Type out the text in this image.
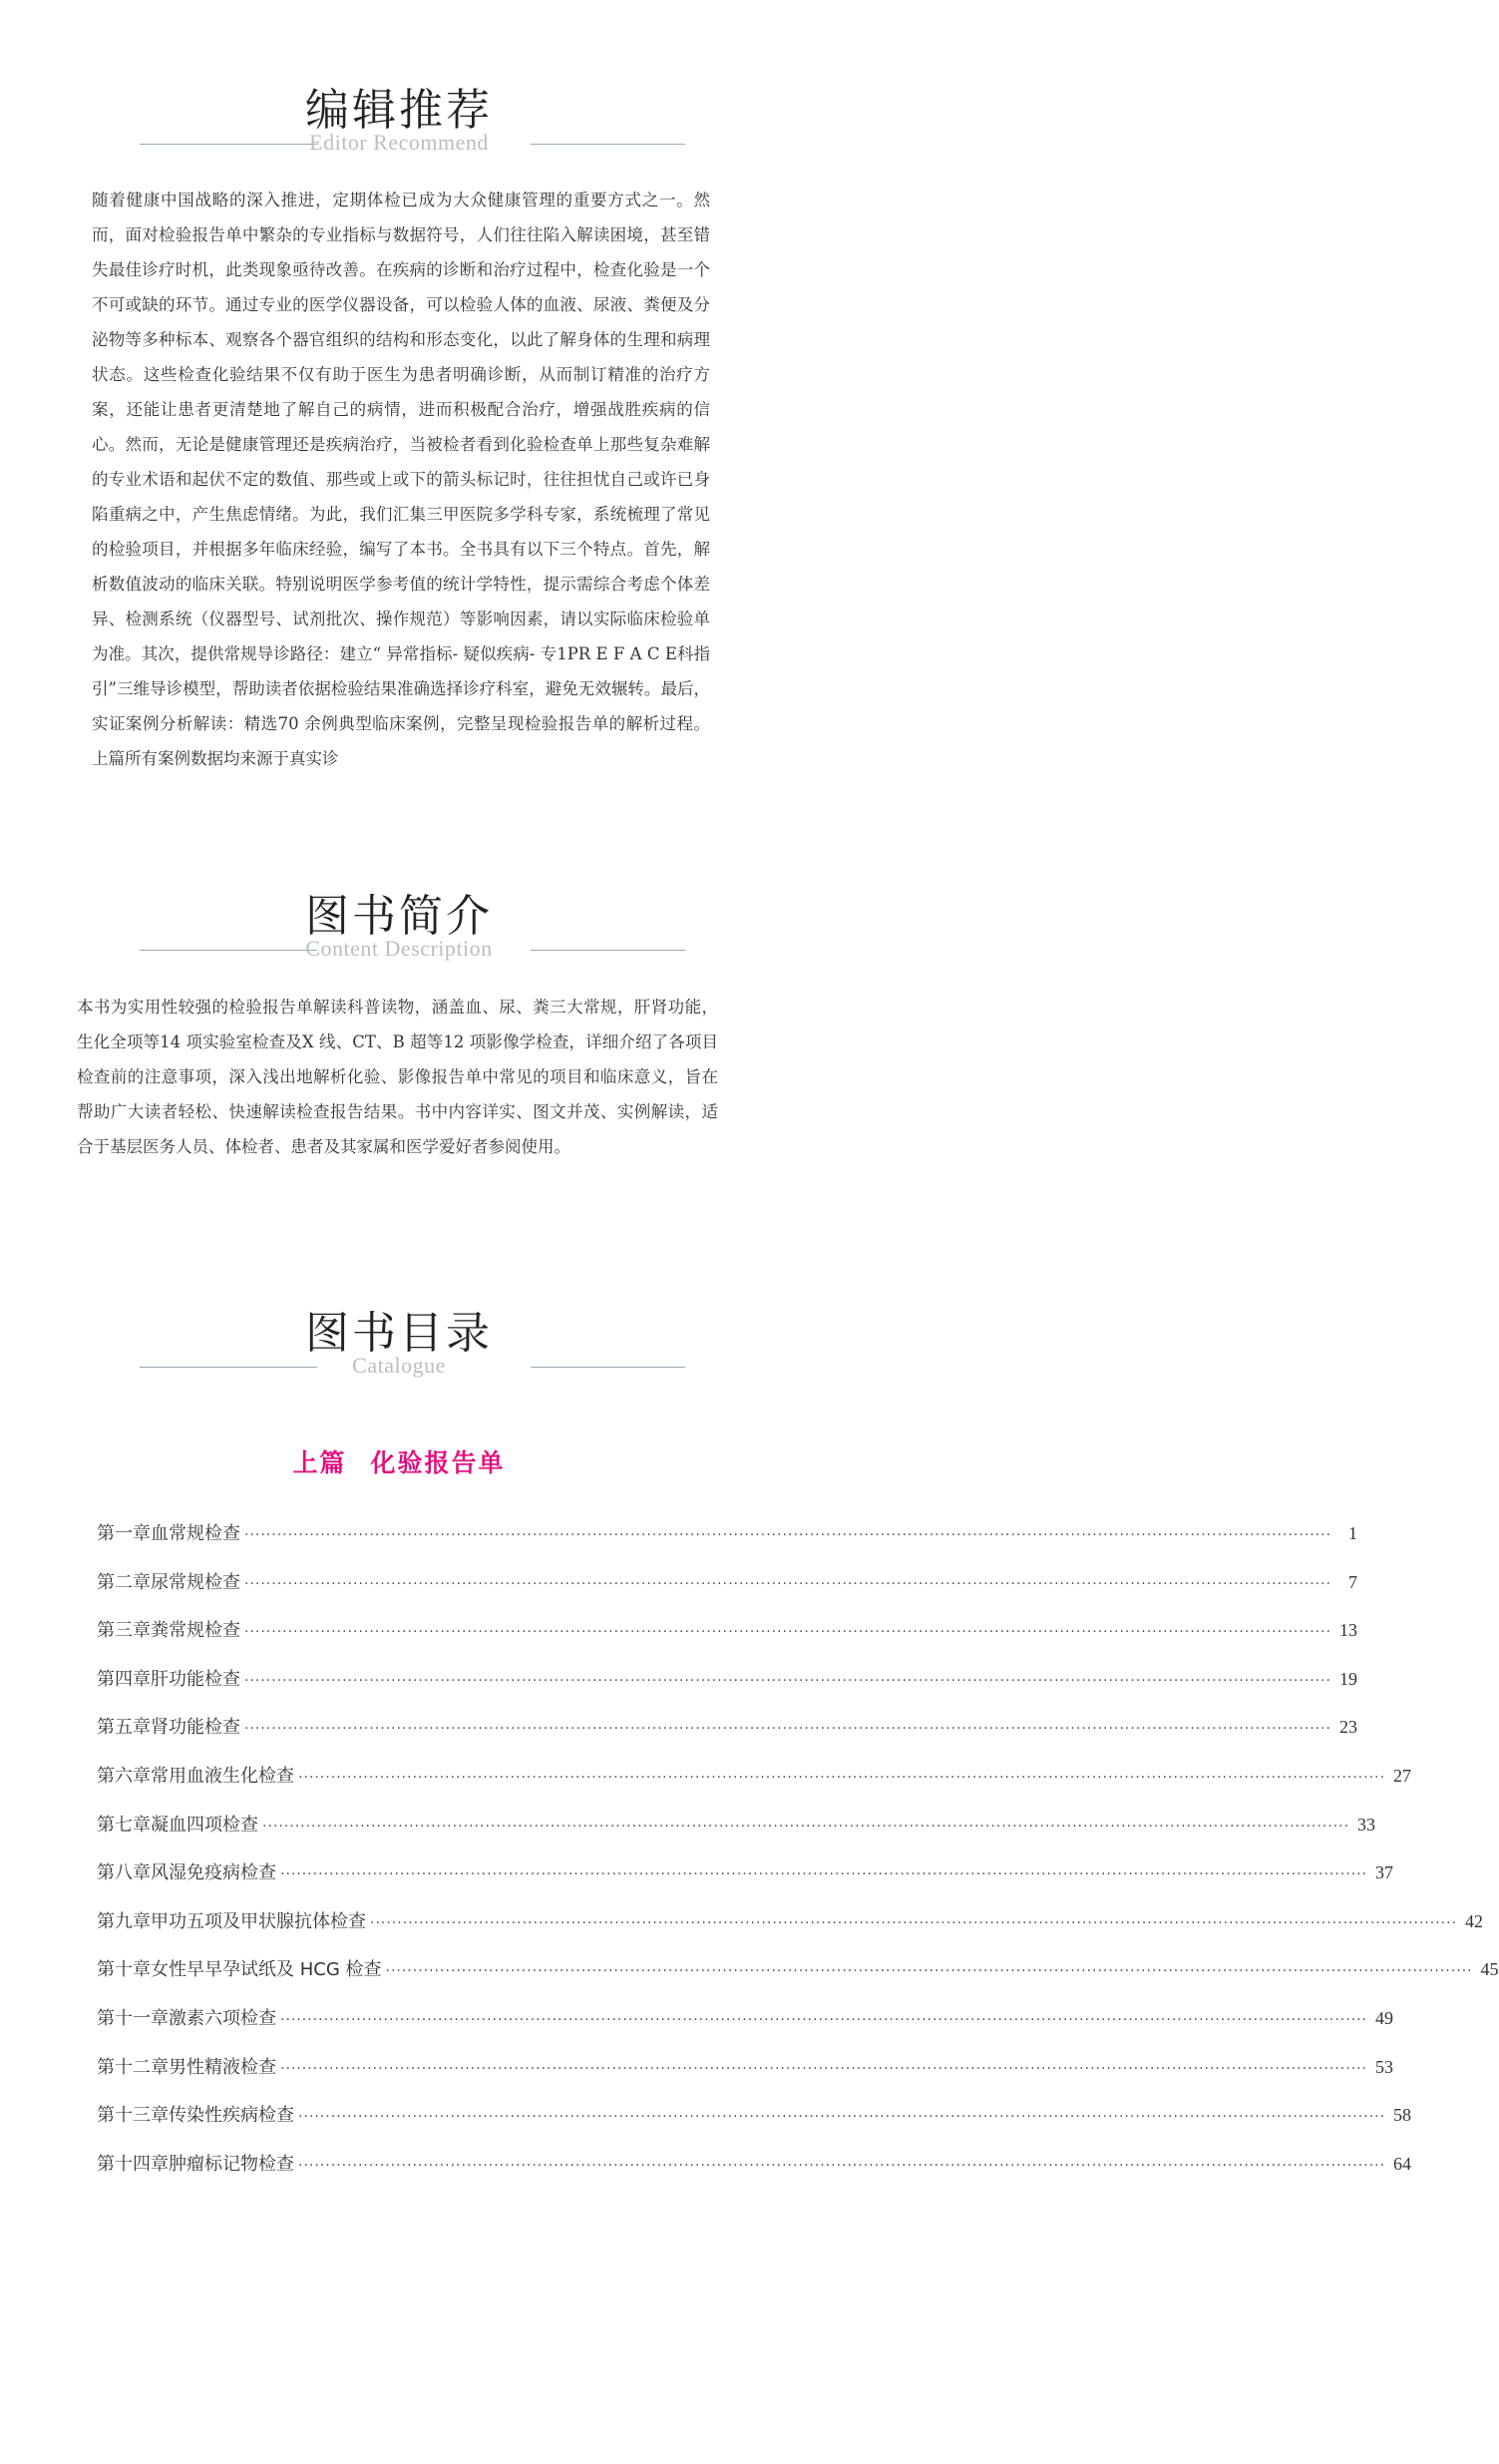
编辑推荐
Editor Recommend

随着健康中国战略的深入推进，定期体检已成为大众健康管理的重要方式之一。然而，面对检验报告单中繁杂的专业指标与数据符号，人们往往陷入解读困境，甚至错失最佳诊疗时机，此类现象亟待改善。在疾病的诊断和治疗过程中，检查化验是一个不可或缺的环节。通过专业的医学仪器设备，可以检验人体的血液、尿液、粪便及分泌物等多种标本、观察各个器官组织的结构和形态变化，以此了解身体的生理和病理状态。这些检查化验结果不仅有助于医生为患者明确诊断，从而制订精准的治疗方案，还能让患者更清楚地了解自己的病情，进而积极配合治疗，增强战胜疾病的信心。然而，无论是健康管理还是疾病治疗，当被检者看到化验检查单上那些复杂难解的专业术语和起伏不定的数值、那些或上或下的箭头标记时，往往担忧自己或许已身陷重病之中，产生焦虑情绪。为此，我们汇集三甲医院多学科专家，系统梳理了常见的检验项目，并根据多年临床经验，编写了本书。全书具有以下三个特点。首先，解析数值波动的临床关联。特别说明医学参考值的统计学特性，提示需综合考虑个体差异、检测系统（仪器型号、试剂批次、操作规范）等影响因素，请以实际临床检验单为准。其次，提供常规导诊路径：建立“ 异常指标- 疑似疾病- 专1PR E F A C E科指引”三维导诊模型，帮助读者依据检验结果准确选择诊疗科室，避免无效辗转。最后，实证案例分析解读：精选70 余例典型临床案例，完整呈现检验报告单的解析过程。上篇所有案例数据均来源于真实诊

图书简介
Content Description

本书为实用性较强的检验报告单解读科普读物，涵盖血、尿、粪三大常规，肝肾功能，生化全项等14 项实验室检查及X 线、CT、B 超等12 项影像学检查，详细介绍了各项目检查前的注意事项，深入浅出地解析化验、影像报告单中常见的项目和临床意义，旨在帮助广大读者轻松、快速解读检查报告结果。书中内容详实、图文并茂、实例解读，适合于基层医务人员、体检者、患者及其家属和医学爱好者参阅使用。

图书目录
Catalogue
上篇 化验报告单
第一章 血常规检查 ········································································································································································································ 1
第二章 尿常规检查 ········································································································································································································ 7
第三章 粪常规检查 ········································································································································································································ 13
第四章 肝功能检查 ········································································································································································································ 19
第五章 肾功能检查 ········································································································································································································ 23
第六章 常用血液生化检查 ········································································································································································································ 27
第七章 凝血四项检查 ········································································································································································································ 33
第八章 风湿免疫病检查 ········································································································································································································ 37
第九章 甲功五项及甲状腺抗体检查 ········································································································································································································ 42
第十章 女性早早孕试纸及 HCG 检查 ········································································································································································································ 45
第十一章 激素六项检查 ········································································································································································································ 49
第十二章 男性精液检查 ········································································································································································································ 53
第十三章 传染性疾病检查 ········································································································································································································ 58
第十四章 肿瘤标记物检查 ········································································································································································································ 64
